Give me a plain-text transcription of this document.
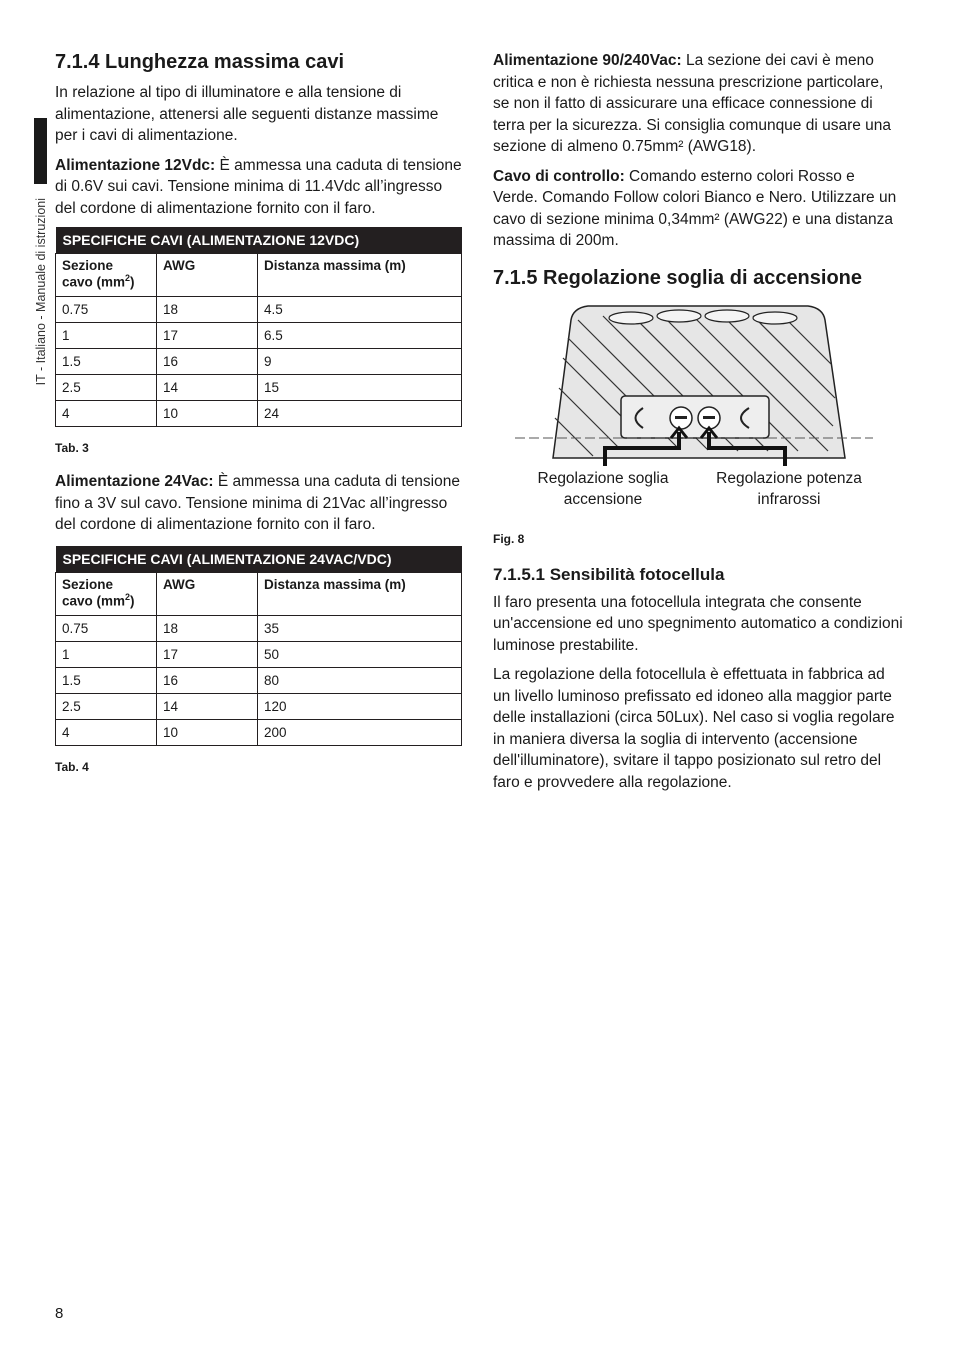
IT - Italiano - Manuale di istruzioni
7.1.4 Lunghezza massima cavi

In relazione al tipo di illuminatore e alla tensione di alimentazione, attenersi alle seguenti distanze massime per i cavi di alimentazione.

Alimentazione 12Vdc: È ammessa una caduta di tensione di 0.6V sui cavi. Tensione minima di 11.4Vdc all’ingresso del cordone di alimentazione fornito con il faro.

SPECIFICHE CAVI (ALIMENTAZIONE 12VDC)		
Sezione
cavo $(mm^2)$	AWG	Distanza massima (m)
0.75	18	4.5
1	17	6.5
1.5	16	9
2.5	14	15
4	10	24
Tab. 3

Alimentazione 24Vac: È ammessa una caduta di tensione fino a 3V sul cavo. Tensione minima di 21Vac all’ingresso del cordone di alimentazione fornito con il faro.

SPECIFICHE CAVI (ALIMENTAZIONE 24VAC/VDC)		
Sezione
cavo $(mm^2)$	AWG	Distanza massima (m)
0.75	18	35
1	17	50
1.5	16	80
2.5	14	120
4	10	200
Tab. 4

Alimentazione 90/240Vac: La sezione dei cavi è meno critica e non è richiesta nessuna prescrizione particolare, se non il fatto di assicurare una efficace connessione di terra per la sicurezza. Si consiglia comunque di usare una sezione di almeno 0.75mm² (AWG18).

Cavo di controllo: Comando esterno colori Rosso e Verde. Comando Follow colori Bianco e Nero. Utilizzare un cavo di sezione minima 0,34mm² (AWG22) e una distanza massima di 200m.

7.1.5 Regolazione soglia di accensione
Regolazione soglia
accensione
Regolazione potenza
infrarossi
Fig. 8
7.1.5.1 Sensibilità fotocellula

Il faro presenta una fotocellula integrata che consente un'accensione ed uno spegnimento automatico a condizioni luminose prestabilite.

La regolazione della fotocellula è effettuata in fabbrica ad un livello luminoso prefissato ed idoneo alla maggior parte delle installazioni (circa 50Lux). Nel caso si voglia regolare in maniera diversa la soglia di intervento (accensione dell'illuminatore), svitare il tappo posizionato sul retro del faro e provvedere alla regolazione.

8
